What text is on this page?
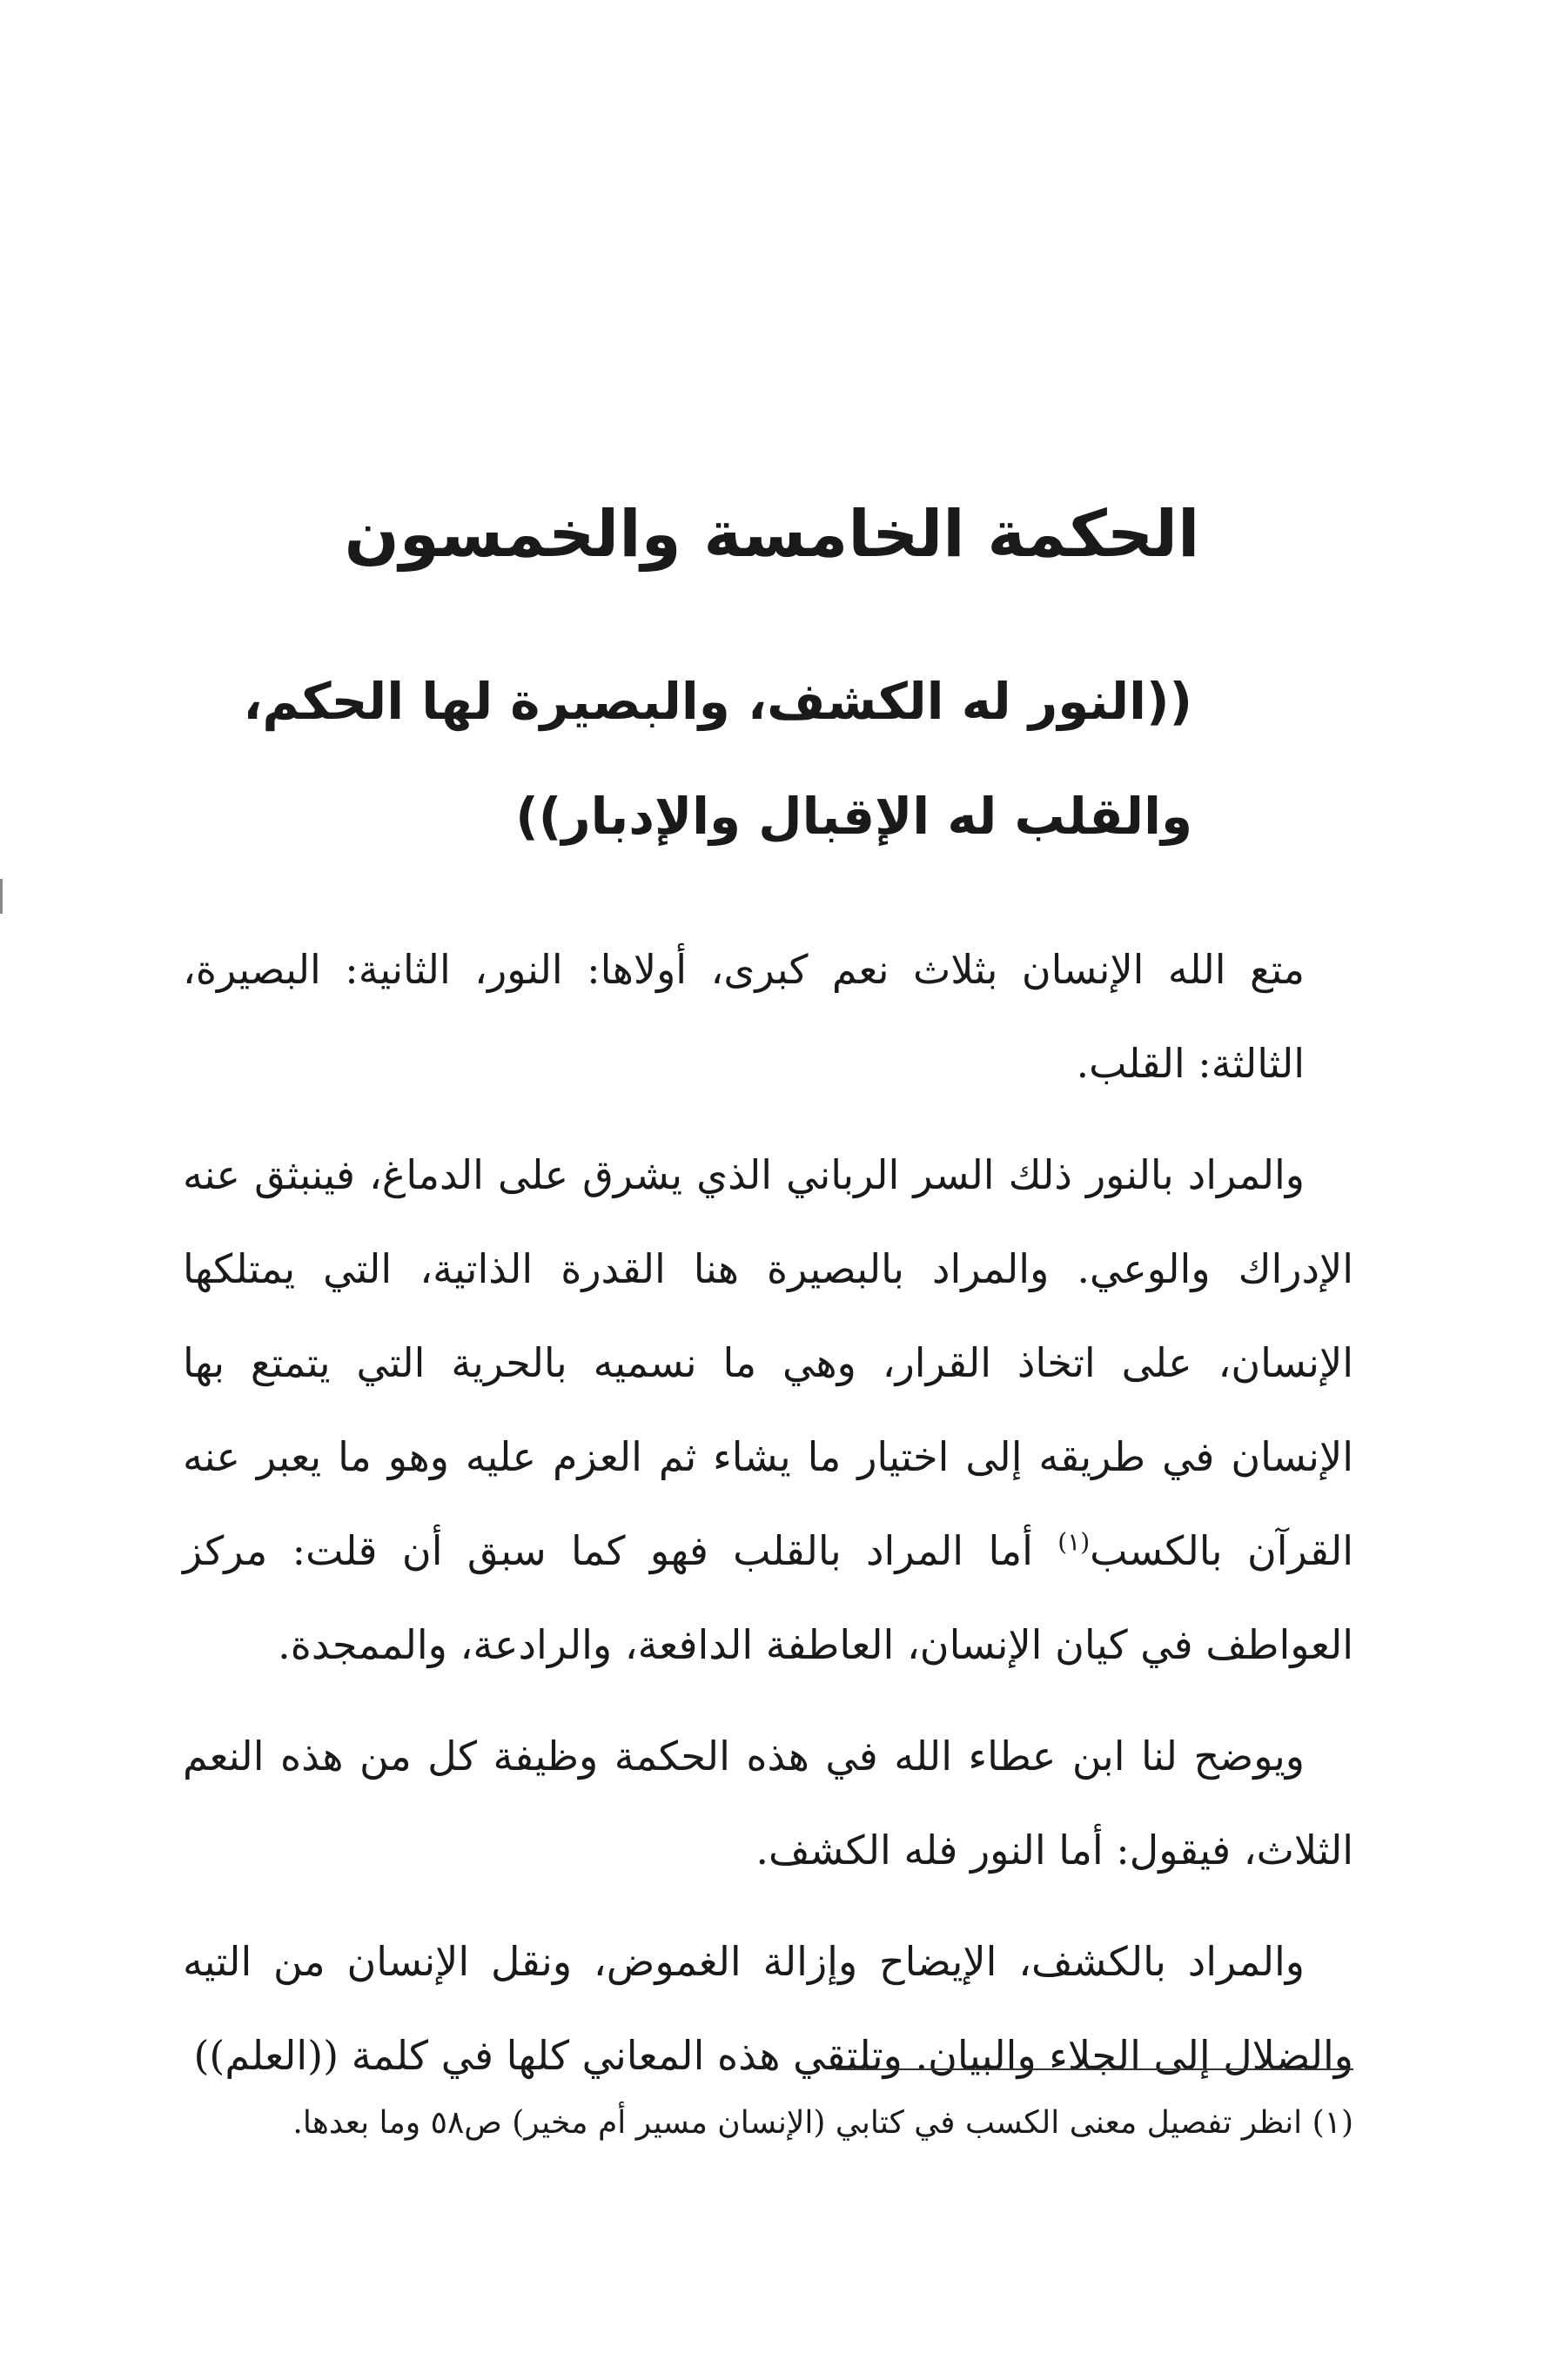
الحكمة الخامسة والخمسون
((النور له الكشف، والبصيرة لها الحكم،
والقلب له الإقبال والإدبار))

متع الله الإنسان بثلاث نعم كبرى، أولاها: النور، الثانية: البصيرة، الثالثة: القلب.

والمراد بالنور ذلك السر الرباني الذي يشرق على الدماغ، فينبثق عنه الإدراك والوعي. والمراد بالبصيرة هنا القدرة الذاتية، التي يمتلكها الإنسان، على اتخاذ القرار، وهي ما نسميه بالحرية التي يتمتع بها الإنسان في طريقه إلى اختيار ما يشاء ثم العزم عليه وهو ما يعبر عنه القرآن بالكسب$^{(١)}$ أما المراد بالقلب فهو كما سبق أن قلت: مركز العواطف في كيان الإنسان، العاطفة الدافعة، والرادعة، والممجدة.

ويوضح لنا ابن عطاء الله في هذه الحكمة وظيفة كل من هذه النعم الثلاث، فيقول: أما النور فله الكشف.

والمراد بالكشف، الإيضاح وإزالة الغموض، ونقل الإنسان من التيه والضلال إلى الجلاء والبيان. وتلتقي هذه المعاني كلها في كلمة ((العلم))

(١) انظر تفصيل معنى الكسب في كتابي (الإنسان مسير أم مخير) ص٥٨ وما بعدها.
